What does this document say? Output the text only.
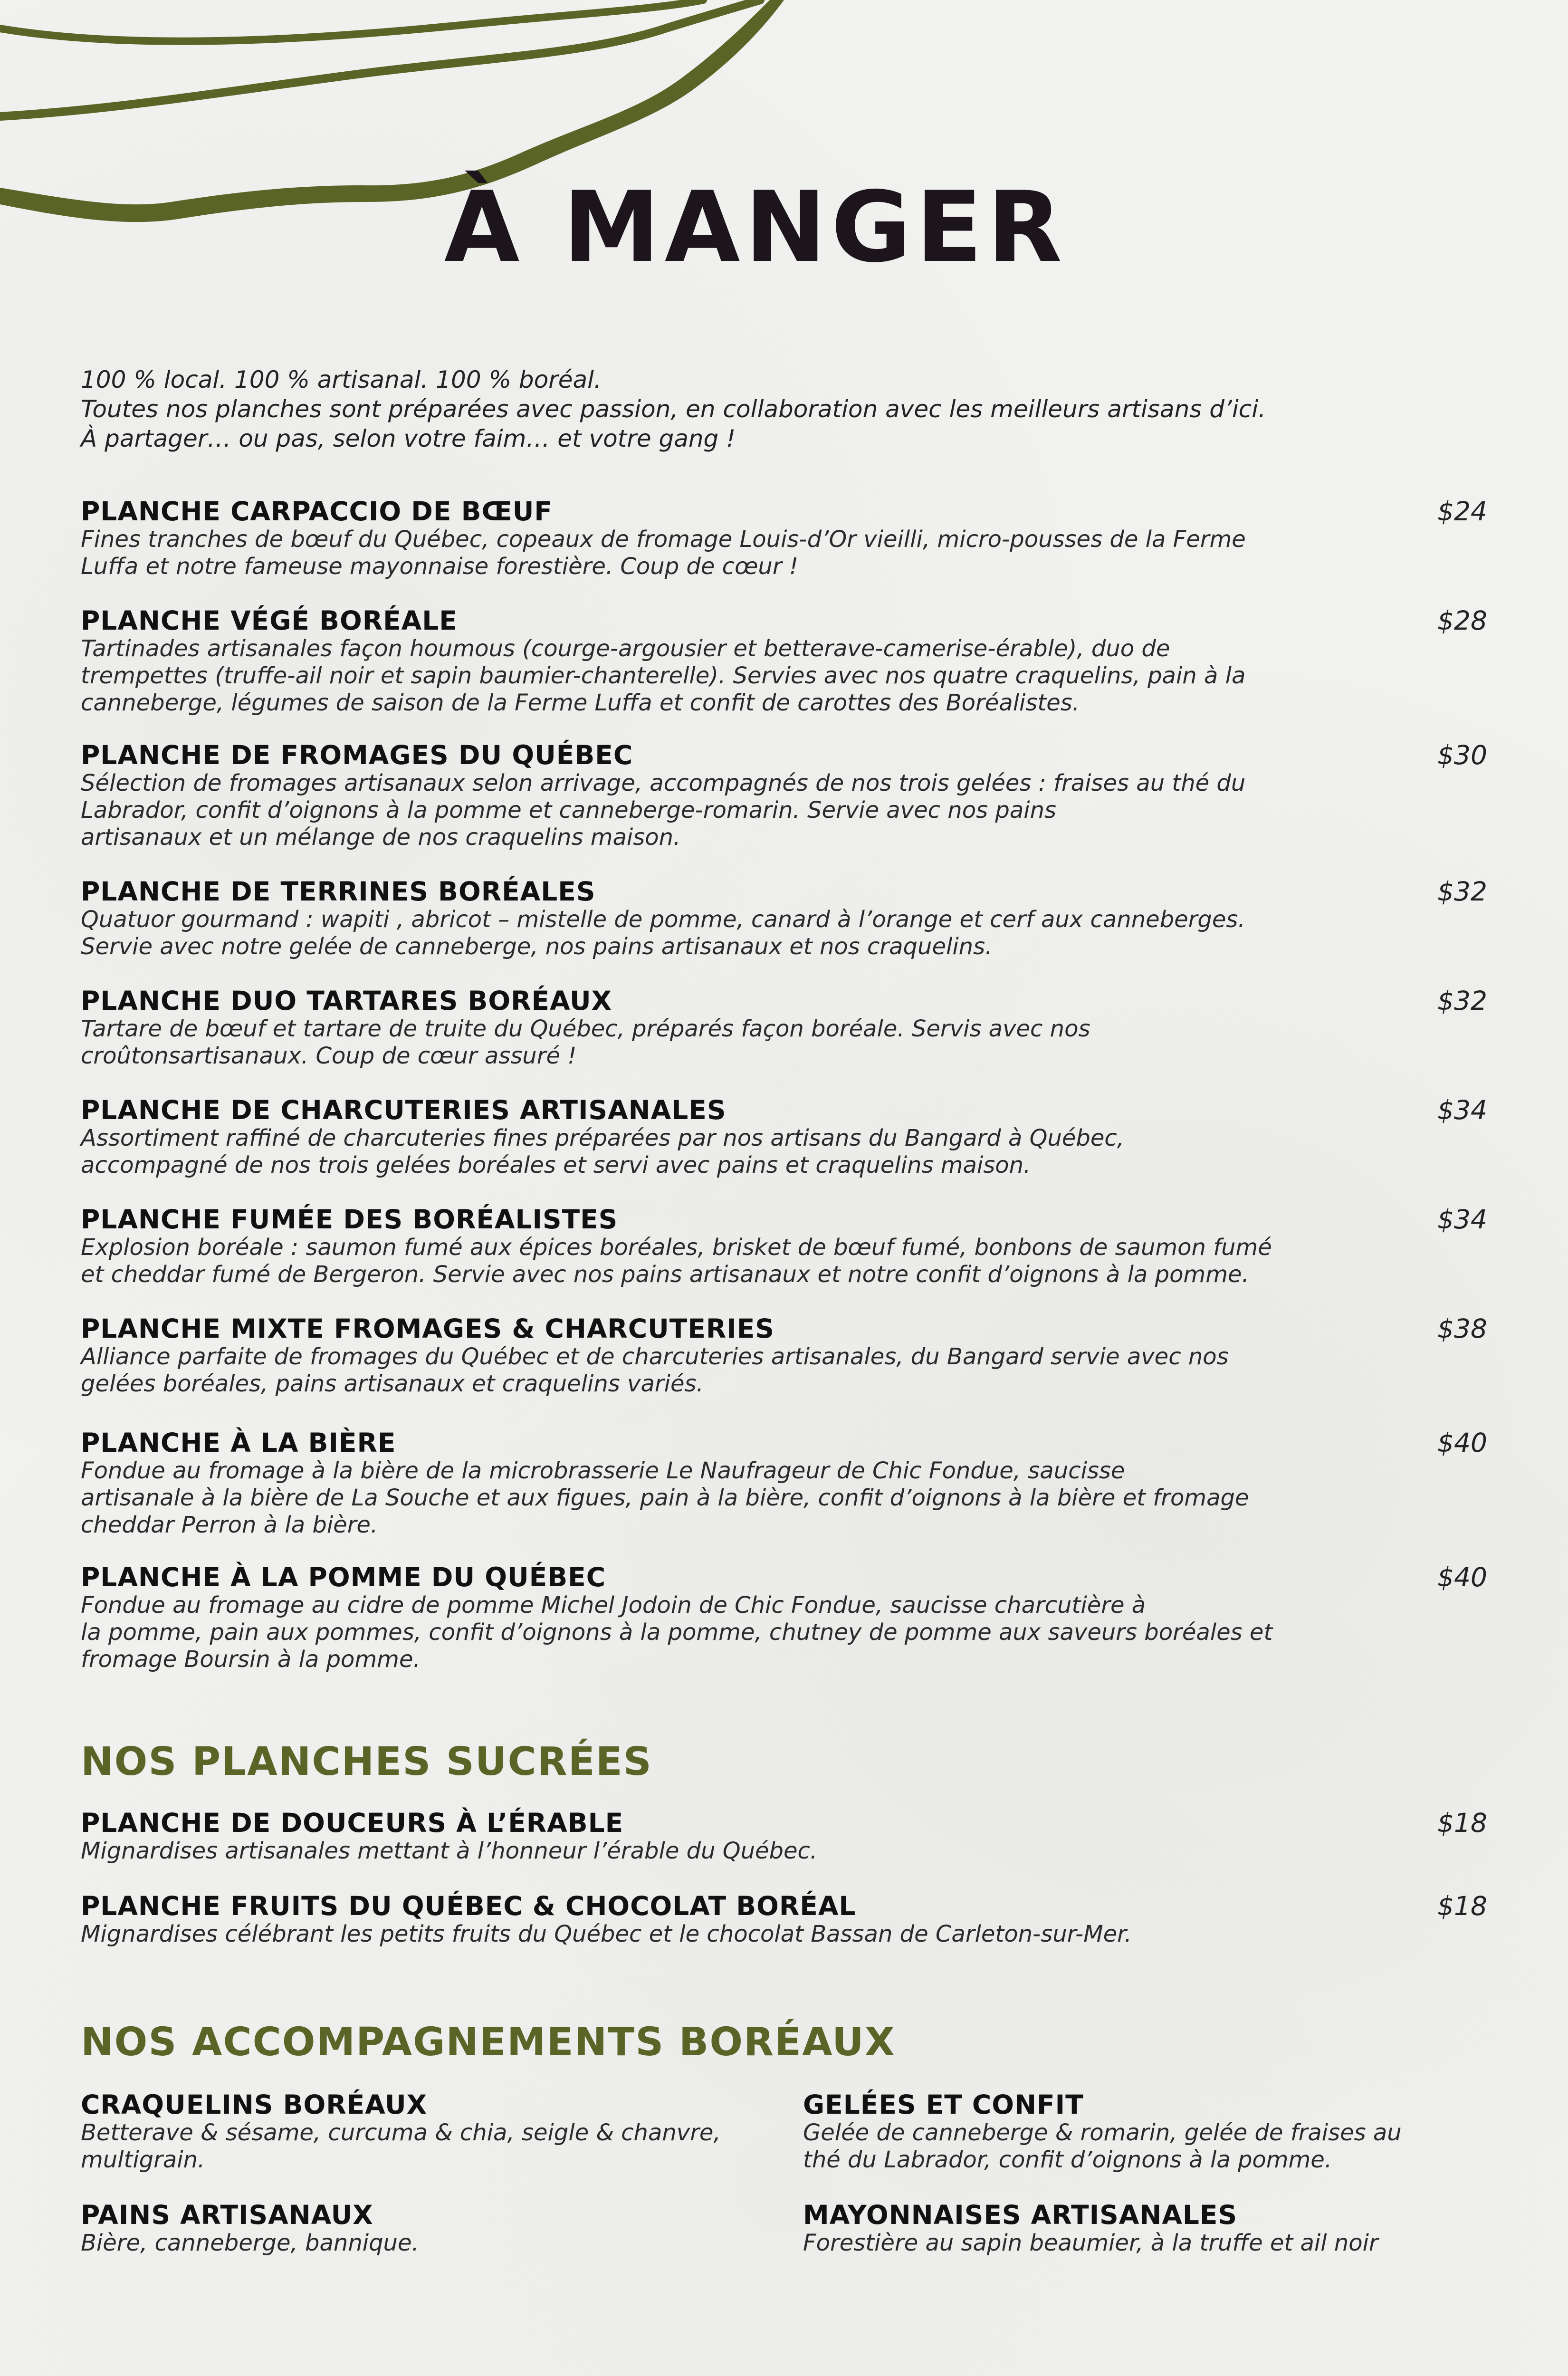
À MANGER
100 % local. 100 % artisanal. 100 % boréal.
Toutes nos planches sont préparées avec passion, en collaboration avec les meilleurs artisans d’ici.
À partager… ou pas, selon votre faim… et votre gang !
PLANCHE CARPACCIO DE BŒUF	$24
Fines tranches de bœuf du Québec, copeaux de fromage Louis-d’Or vieilli, micro-pousses de la Ferme
Luffa et notre fameuse mayonnaise forestière. Coup de cœur !
PLANCHE VÉGÉ BORÉALE	$28
Tartinades artisanales façon houmous (courge-argousier et betterave-camerise-érable), duo de
trempettes (truffe-ail noir et sapin baumier-chanterelle). Servies avec nos quatre craquelins, pain à la
canneberge, légumes de saison de la Ferme Luffa et confit de carottes des Boréalistes.
PLANCHE DE FROMAGES DU QUÉBEC	$30
Sélection de fromages artisanaux selon arrivage, accompagnés de nos trois gelées : fraises au thé du
Labrador, confit d’oignons à la pomme et canneberge-romarin. Servie avec nos pains
artisanaux et un mélange de nos craquelins maison.
PLANCHE DE TERRINES BORÉALES	$32
Quatuor gourmand : wapiti , abricot – mistelle de pomme, canard à l’orange et cerf aux canneberges.
Servie avec notre gelée de canneberge, nos pains artisanaux et nos craquelins.
PLANCHE DUO TARTARES BORÉAUX	$32
Tartare de bœuf et tartare de truite du Québec, préparés façon boréale. Servis avec nos
croûtonsartisanaux. Coup de cœur assuré !
PLANCHE DE CHARCUTERIES ARTISANALES	$34
Assortiment raffiné de charcuteries fines préparées par nos artisans du Bangard à Québec,
accompagné de nos trois gelées boréales et servi avec pains et craquelins maison.
PLANCHE FUMÉE DES BORÉALISTES	$34
Explosion boréale : saumon fumé aux épices boréales, brisket de bœuf fumé, bonbons de saumon fumé
et cheddar fumé de Bergeron. Servie avec nos pains artisanaux et notre confit d’oignons à la pomme.
PLANCHE MIXTE FROMAGES & CHARCUTERIES	$38
Alliance parfaite de fromages du Québec et de charcuteries artisanales, du Bangard servie avec nos
gelées boréales, pains artisanaux et craquelins variés.
PLANCHE À LA BIÈRE	$40
Fondue au fromage à la bière de la microbrasserie Le Naufrageur de Chic Fondue, saucisse
artisanale à la bière de La Souche et aux figues, pain à la bière, confit d’oignons à la bière et fromage
cheddar Perron à la bière.
PLANCHE À LA POMME DU QUÉBEC	$40
Fondue au fromage au cidre de pomme Michel Jodoin de Chic Fondue, saucisse charcutière à
la pomme, pain aux pommes, confit d’oignons à la pomme, chutney de pomme aux saveurs boréales et
fromage Boursin à la pomme.
NOS PLANCHES SUCRÉES
PLANCHE DE DOUCEURS À L’ÉRABLE	$18
Mignardises artisanales mettant à l’honneur l’érable du Québec.
PLANCHE FRUITS DU QUÉBEC & CHOCOLAT BORÉAL	$18
Mignardises célébrant les petits fruits du Québec et le chocolat Bassan de Carleton-sur-Mer.
NOS ACCOMPAGNEMENTS BORÉAUX
CRAQUELINS BORÉAUX
Betterave & sésame, curcuma & chia, seigle & chanvre,
multigrain.
GELÉES ET CONFIT
Gelée de canneberge & romarin, gelée de fraises au
thé du Labrador, confit d’oignons à la pomme.
PAINS ARTISANAUX
Bière, canneberge, bannique.
MAYONNAISES ARTISANALES
Forestière au sapin beaumier, à la truffe et ail noir
